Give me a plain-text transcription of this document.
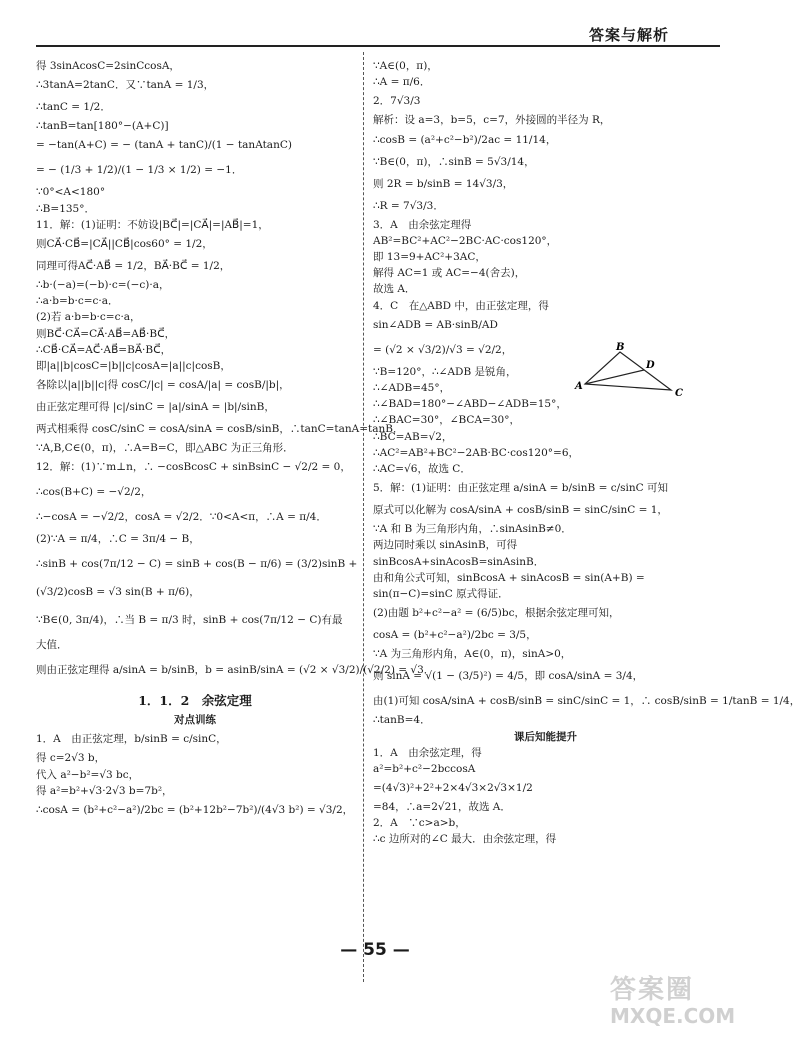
答案与解析
得 3sinAcosC=2sinCcosA，
∴3tanA=2tanC．又∵tanA = 1/3，
∴tanC = 1/2．
∴tanB=tan[180°−(A+C)]
= −tan(A+C) = − (tanA + tanC)/(1 − tanAtanC)
= − (1/3 + 1/2)/(1 − 1/3 × 1/2) = −1．
∵0°<A<180°
∴B=135°．
11．解：(1)证明：不妨设|BC⃗|=|CA⃗|=|AB⃗|=1，
则CA⃗·CB⃗=|CA⃗||CB⃗|cos60° = 1/2，
同理可得AC⃗·AB⃗ = 1/2，BA⃗·BC⃗ = 1/2，
∴b·(−a)=(−b)·c=(−c)·a，
∴a·b=b·c=c·a．
(2)若 a·b=b·c=c·a，
则BC⃗·CA⃗=CA⃗·AB⃗=AB⃗·BC⃗，
∴CB⃗·CA⃗=AC⃗·AB⃗=BA⃗·BC⃗，
即|a||b|cosC=|b||c|cosA=|a||c|cosB，
各除以|a||b||c|得 cosC/|c| = cosA/|a| = cosB/|b|，
由正弦定理可得 |c|/sinC = |a|/sinA = |b|/sinB，
两式相乘得 cosC/sinC = cosA/sinA = cosB/sinB，∴tanC=tanA=tanB．
∵A,B,C∈(0，π)，∴A=B=C，即△ABC 为正三角形．
12．解：(1)∵m⊥n，∴ −cosBcosC + sinBsinC − √2/2 = 0，
∴cos(B+C) = −√2/2，
∴−cosA = −√2/2，cosA = √2/2．∵0<A<π，∴A = π/4．
(2)∵A = π/4，∴C = 3π/4 − B，
∴sinB + cos(7π/12 − C) = sinB + cos(B − π/6) = (3/2)sinB +
(√3/2)cosB = √3 sin(B + π/6)，
∵B∈(0, 3π/4)，∴当 B = π/3 时，sinB + cos(7π/12 − C)有最
大值．
则由正弦定理得 a/sinA = b/sinB，b = asinB/sinA = (√2 × √3/2)/(√2/2) = √3．
1．1．2　余弦定理
对点训练
1．A　由正弦定理，b/sinB = c/sinC，
得 c=2√3 b，
代入 a²−b²=√3 bc，
得 a²=b²+√3·2√3 b=7b²，
∴cosA = (b²+c²−a²)/2bc = (b²+12b²−7b²)/(4√3 b²) = √3/2，
∵A∈(0，π)，
∴A = π/6．
2．7√3/3
解析：设 a=3，b=5，c=7，外接圆的半径为 R，
∴cosB = (a²+c²−b²)/2ac = 11/14，
∵B∈(0，π)，∴sinB = 5√3/14，
则 2R = b/sinB = 14√3/3，
∴R = 7√3/3．
3．A　由余弦定理得
AB²=BC²+AC²−2BC·AC·cos120°，
即 13=9+AC²+3AC，
解得 AC=1 或 AC=−4(舍去)，
故选 A．
4．C　在△ABD 中，由正弦定理，得
sin∠ADB = AB·sinB/AD
= (√2 × √3/2)/√3 = √2/2，
∵B=120°，∴∠ADB 是锐角，
∴∠ADB=45°，
∴∠BAD=180°−∠ABD−∠ADB=15°，
∴∠BAC=30°，∠BCA=30°，
∴BC=AB=√2，
∴AC²=AB²+BC²−2AB·BC·cos120°=6，
∴AC=√6，故选 C．
5．解：(1)证明：由正弦定理 a/sinA = b/sinB = c/sinC 可知
原式可以化解为 cosA/sinA + cosB/sinB = sinC/sinC = 1，
∵A 和 B 为三角形内角，∴sinAsinB≠0．
两边同时乘以 sinAsinB，可得
sinBcosA+sinAcosB=sinAsinB．
由和角公式可知，sinBcosA + sinAcosB = sin(A+B) =
sin(π−C)=sinC 原式得证．
(2)由题 b²+c²−a² = (6/5)bc，根据余弦定理可知，
cosA = (b²+c²−a²)/2bc = 3/5，
∵A 为三角形内角，A∈(0，π)，sinA>0，
则 sinA = √(1 − (3/5)²) = 4/5，即 cosA/sinA = 3/4，
由(1)可知 cosA/sinA + cosB/sinB = sinC/sinC = 1，∴ cosB/sinB = 1/tanB = 1/4，
∴tanB=4．
课后知能提升
1．A　由余弦定理，得
a²=b²+c²−2bccosA
=(4√3)²+2²+2×4√3×2√3×1/2
=84，∴a=2√21，故选 A．
2．A　∵c>a>b，
∴c 边所对的∠C 最大．由余弦定理，得
A
B
C
D
— 55 —
答案圈
MXQE.COM
